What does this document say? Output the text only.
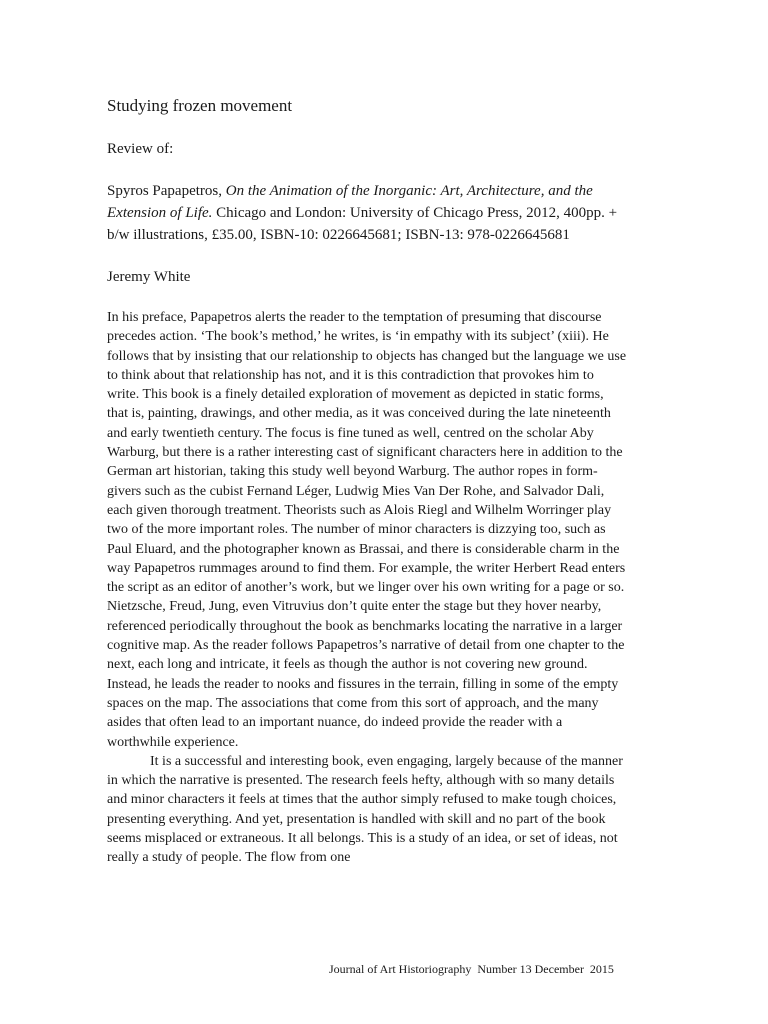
Studying frozen movement
Review of:
Spyros Papapetros, On the Animation of the Inorganic: Art, Architecture, and the Extension of Life. Chicago and London: University of Chicago Press, 2012, 400pp. + b/w illustrations, £35.00, ISBN-10: 0226645681; ISBN-13: 978-0226645681
Jeremy White

In his preface, Papapetros alerts the reader to the temptation of presuming that discourse precedes action. ‘The book’s method,’ he writes, is ‘in empathy with its subject’ (xiii). He follows that by insisting that our relationship to objects has changed but the language we use to think about that relationship has not, and it is this contradiction that provokes him to write. This book is a finely detailed exploration of movement as depicted in static forms, that is, painting, drawings, and other media, as it was conceived during the late nineteenth and early twentieth century. The focus is fine tuned as well, centred on the scholar Aby Warburg, but there is a rather interesting cast of significant characters here in addition to the German art historian, taking this study well beyond Warburg. The author ropes in form-givers such as the cubist Fernand Léger, Ludwig Mies Van Der Rohe, and Salvador Dali, each given thorough treatment. Theorists such as Alois Riegl and Wilhelm Worringer play two of the more important roles. The number of minor characters is dizzying too, such as Paul Eluard, and the photographer known as Brassai, and there is considerable charm in the way Papapetros rummages around to find them. For example, the writer Herbert Read enters the script as an editor of another’s work, but we linger over his own writing for a page or so. Nietzsche, Freud, Jung, even Vitruvius don’t quite enter the stage but they hover nearby, referenced periodically throughout the book as benchmarks locating the narrative in a larger cognitive map. As the reader follows Papapetros’s narrative of detail from one chapter to the next, each long and intricate, it feels as though the author is not covering new ground. Instead, he leads the reader to nooks and fissures in the terrain, filling in some of the empty spaces on the map. The associations that come from this sort of approach, and the many asides that often lead to an important nuance, do indeed provide the reader with a worthwhile experience.

It is a successful and interesting book, even engaging, largely because of the manner in which the narrative is presented. The research feels hefty, although with so many details and minor characters it feels at times that the author simply refused to make tough choices, presenting everything. And yet, presentation is handled with skill and no part of the book seems misplaced or extraneous. It all belongs. This is a study of an idea, or set of ideas, not really a study of people. The flow from one

Journal of Art Historiography  Number 13 December  2015
